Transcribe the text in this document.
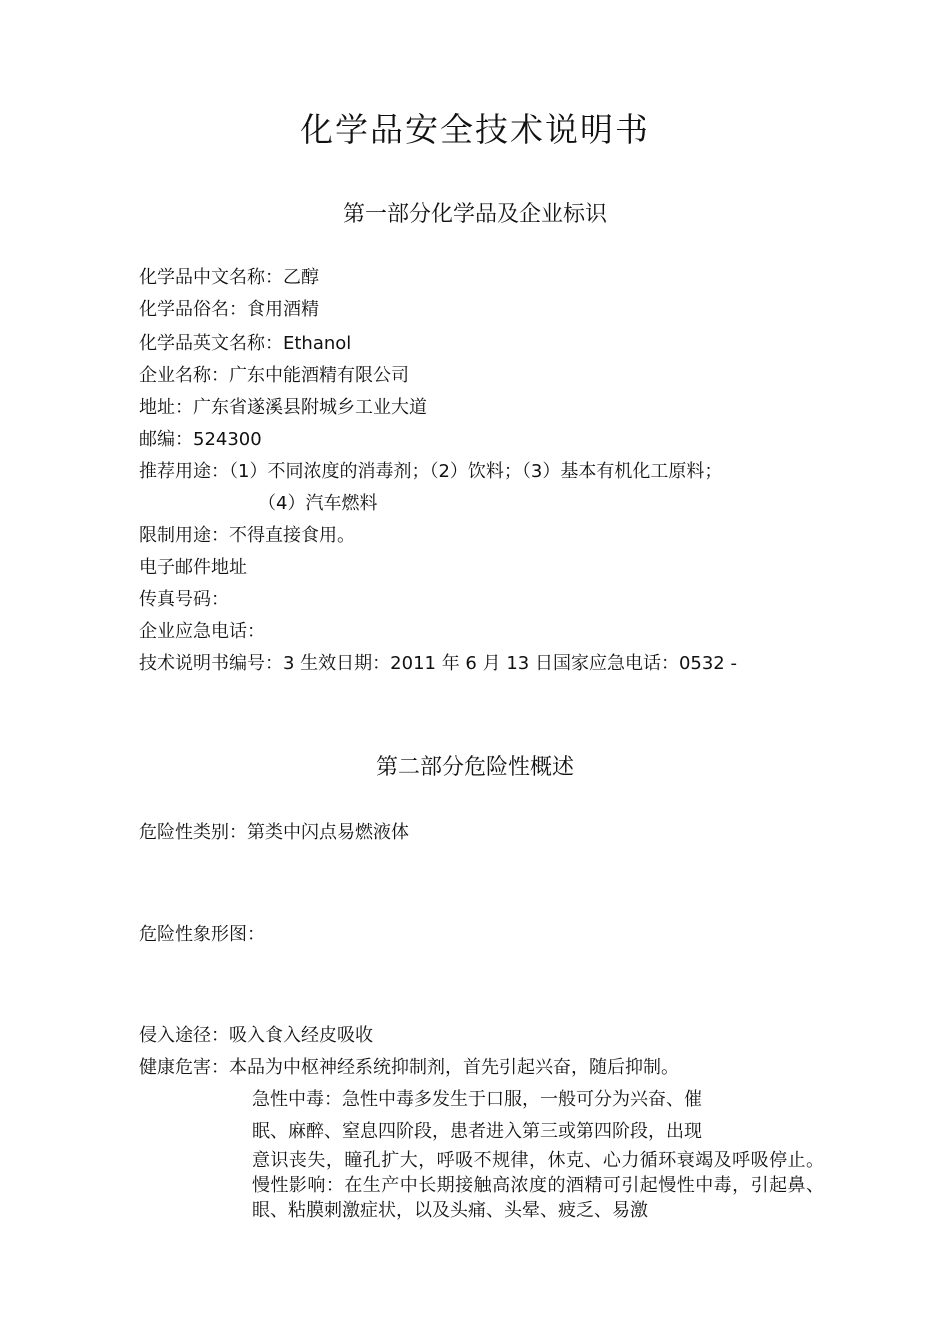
化学品安全技术说明书
第一部分化学品及企业标识
化学品中文名称：乙醇
化学品俗名：食用酒精
化学品英文名称：Ethanol
企业名称：广东中能酒精有限公司
地址：广东省遂溪县附城乡工业大道
邮编：524300
推荐用途：（1）不同浓度的消毒剂；（2）饮料；（3）基本有机化工原料；
（4）汽车燃料
限制用途：不得直接食用。
电子邮件地址
传真号码：
企业应急电话：
技术说明书编号：3 生效日期：2011 年 6 月 13 日国家应急电话：0532 -
第二部分危险性概述
危险性类别：第类中闪点易燃液体
危险性象形图：
侵入途径：吸入食入经皮吸收
健康危害：本品为中枢神经系统抑制剂，首先引起兴奋，随后抑制。
急性中毒：急性中毒多发生于口服，一般可分为兴奋、催
眠、麻醉、窒息四阶段，患者进入第三或第四阶段，出现

意识丧失，瞳孔扩大，呼吸不规律，休克、心力循环衰竭及呼吸停止。慢性影响：在生产中长期接触高浓度的酒精可引起慢性中毒，引起鼻、眼、粘膜刺激症状，以及头痛、头晕、疲乏、易激
